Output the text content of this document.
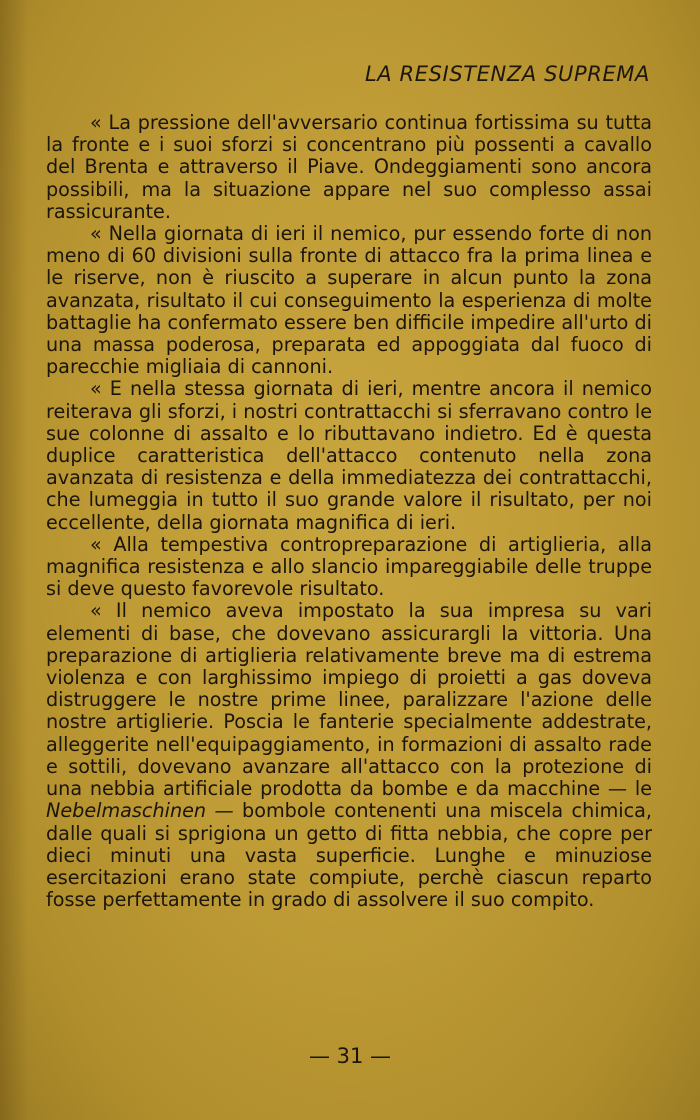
LA RESISTENZA SUPREMA

« La pressione dell'avversario continua fortissima su tutta la fronte e i suoi sforzi si concentrano più possenti a cavallo del Brenta e attraverso il Piave. Ondeggiamenti sono ancora possibili, ma la situazione appare nel suo complesso assai rassicurante.

« Nella giornata di ieri il nemico, pur essendo forte di non meno di 60 divisioni sulla fronte di attacco fra la prima linea e le riserve, non è riuscito a superare in alcun punto la zona avanzata, risultato il cui conseguimento la esperienza di molte battaglie ha confermato essere ben difficile impedire all'urto di una massa poderosa, preparata ed appoggiata dal fuoco di parecchie migliaia di cannoni.

« E nella stessa giornata di ieri, mentre ancora il nemico reiterava gli sforzi, i nostri contrattacchi si sferravano contro le sue colonne di assalto e lo ributtavano indietro. Ed è questa duplice caratteristica dell'attacco contenuto nella zona avanzata di resistenza e della immediatezza dei contrattacchi, che lumeggia in tutto il suo grande valore il risultato, per noi eccellente, della giornata magnifica di ieri.

« Alla tempestiva contropreparazione di artiglieria, alla magnifica resistenza e allo slancio impareggiabile delle truppe si deve questo favorevole risultato.

« Il nemico aveva impostato la sua impresa su vari elementi di base, che dovevano assicurargli la vittoria. Una preparazione di artiglieria relativamente breve ma di estrema violenza e con larghissimo impiego di proietti a gas doveva distruggere le nostre prime linee, paralizzare l'azione delle nostre artiglierie. Poscia le fanterie specialmente addestrate, alleggerite nell'equipaggiamento, in formazioni di assalto rade e sottili, dovevano avanzare all'attacco con la protezione di una nebbia artificiale prodotta da bombe e da macchine — le Nebelmaschinen — bombole contenenti una miscela chimica, dalle quali si sprigiona un getto di fitta nebbia, che copre per dieci minuti una vasta superficie. Lunghe e minuziose esercitazioni erano state compiute, perchè ciascun reparto fosse perfettamente in grado di assolvere il suo compito.

— 31 —
